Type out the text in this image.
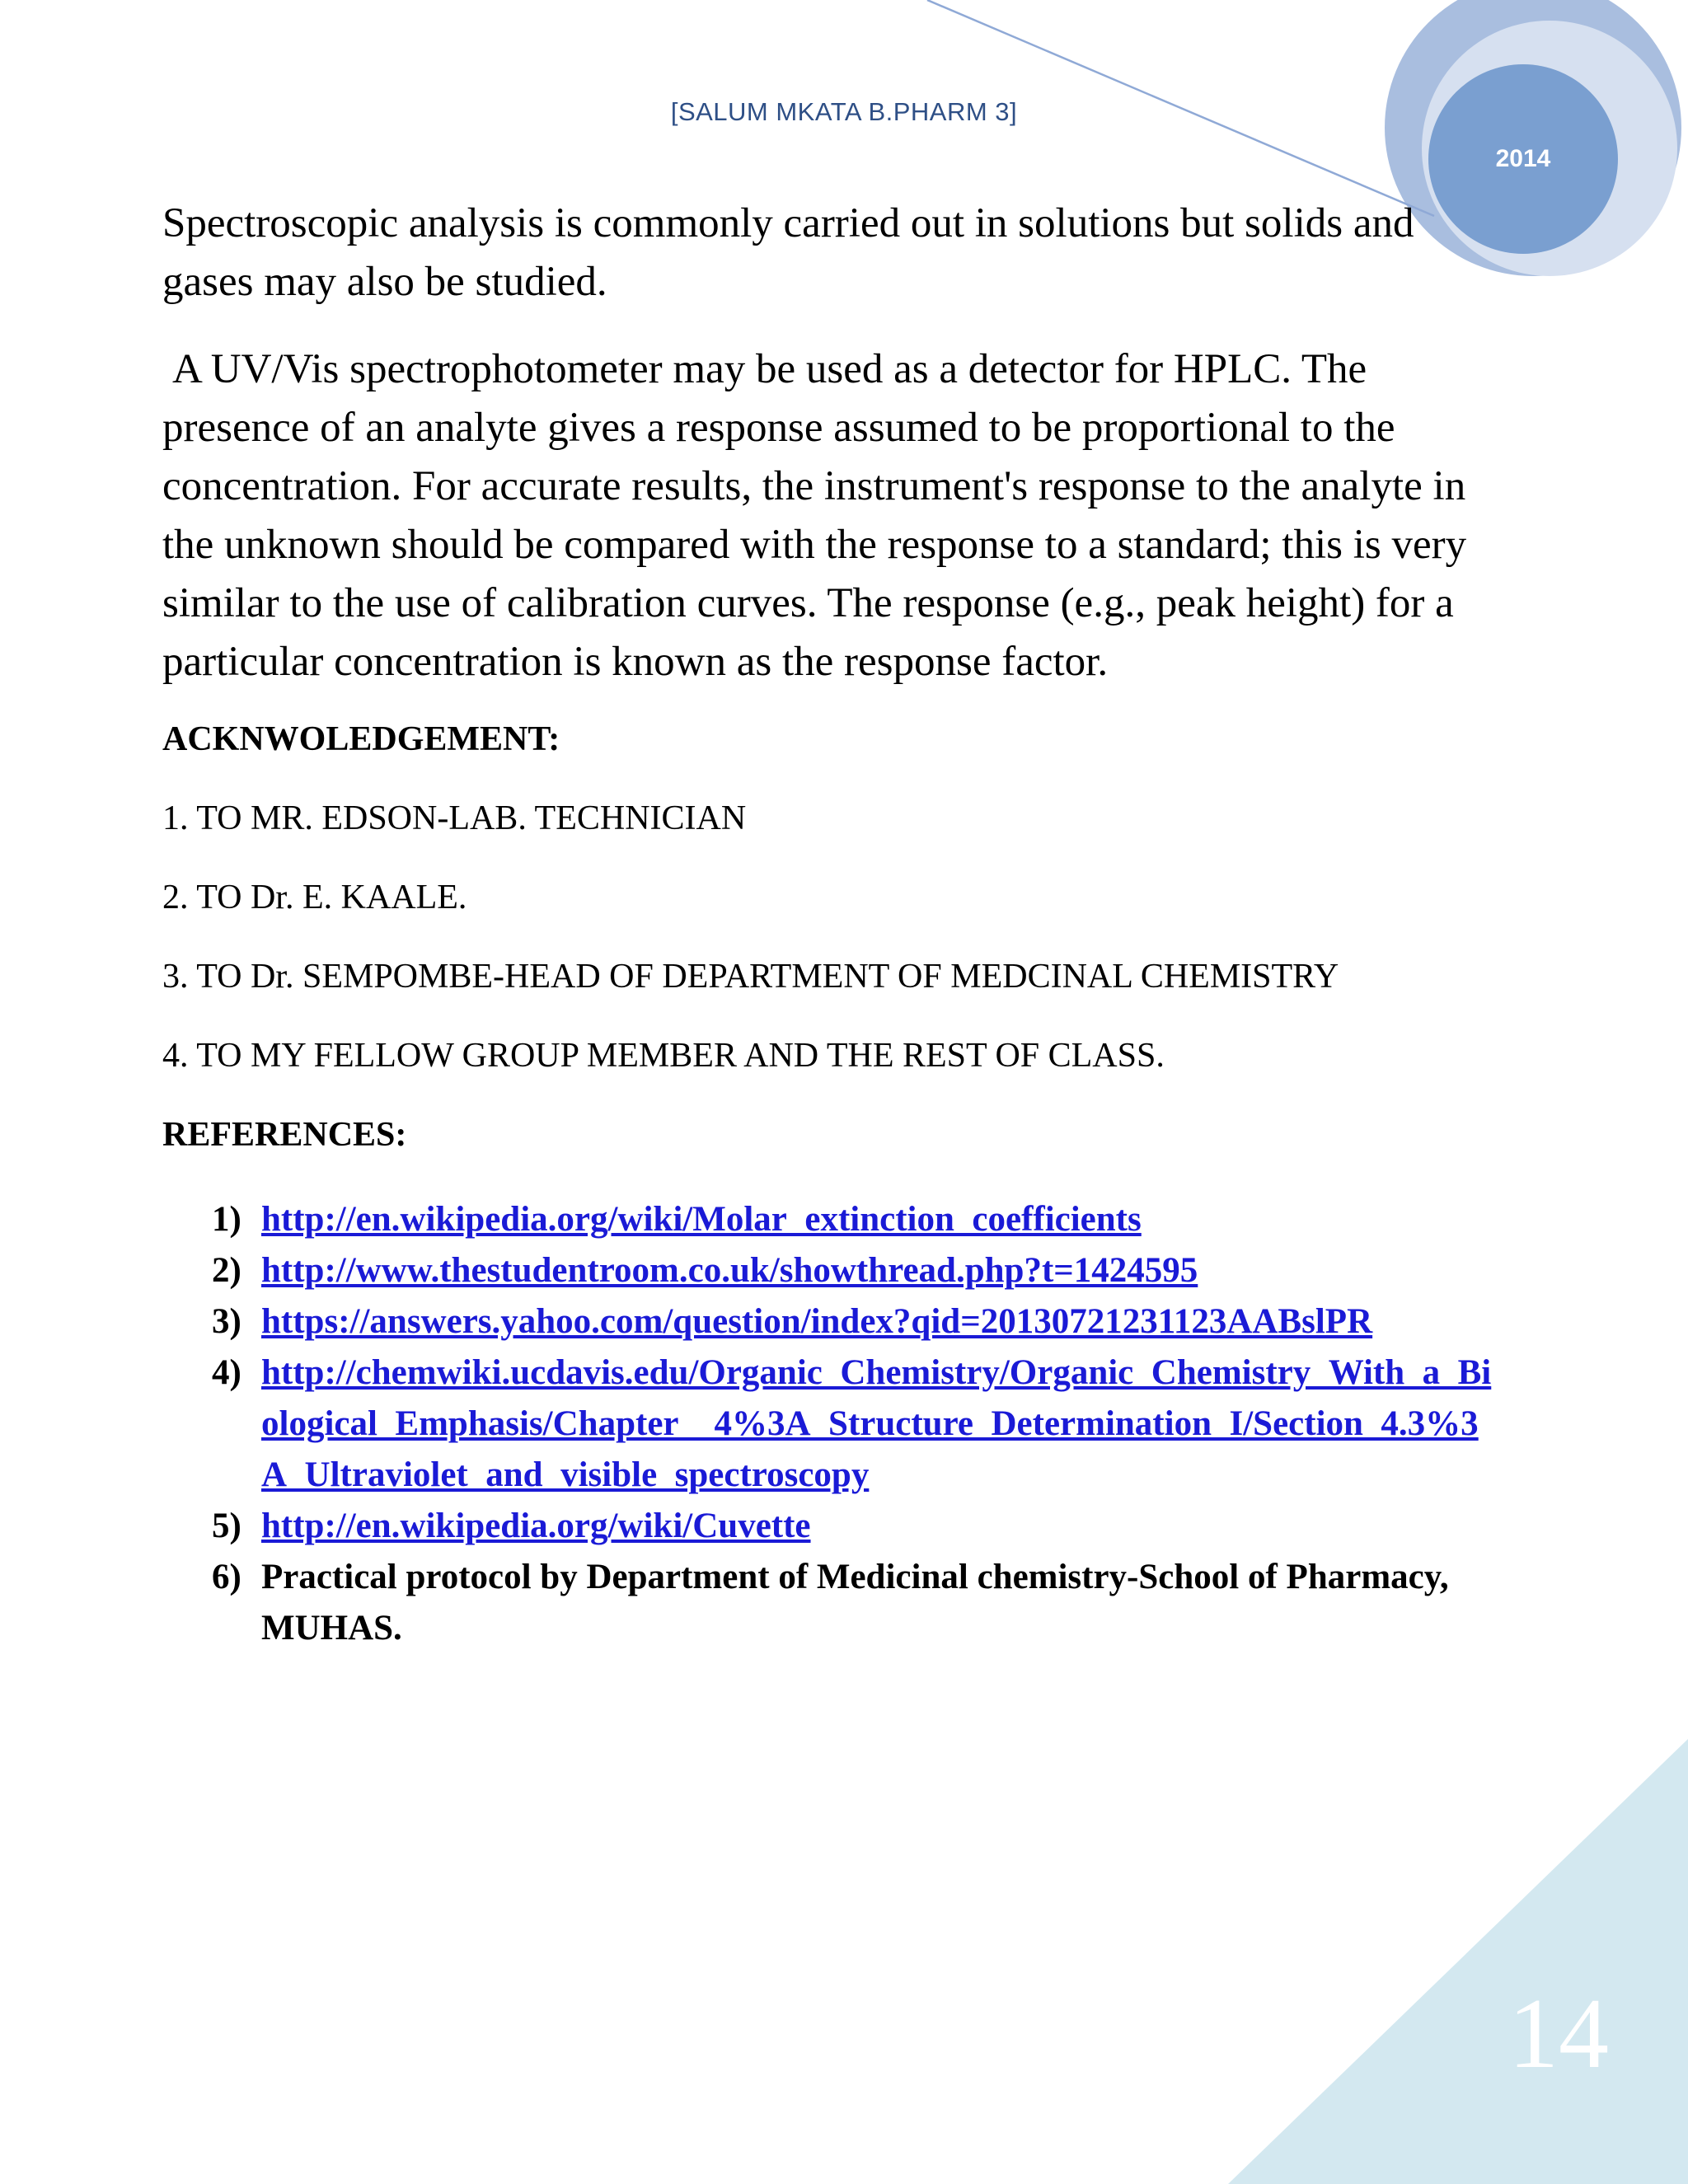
[SALUM MKATA B.PHARM 3]
2014

Spectroscopic analysis is commonly carried out in solutions but solids and gases may also be studied.

A UV/Vis spectrophotometer may be used as a detector for HPLC. The presence of an analyte gives a response assumed to be proportional to the concentration. For accurate results, the instrument's response to the analyte in the unknown should be compared with the response to a standard; this is very similar to the use of calibration curves. The response (e.g., peak height) for a particular concentration is known as the response factor.

ACKNWOLEDGEMENT:

1. TO MR. EDSON-LAB. TECHNICIAN

2. TO Dr. E. KAALE.

3. TO Dr. SEMPOMBE-HEAD OF DEPARTMENT OF MEDCINAL CHEMISTRY

4. TO MY FELLOW GROUP MEMBER AND THE REST OF CLASS.

REFERENCES:

1) http://en.wikipedia.org/wiki/Molar_extinction_coefficients
2) http://www.thestudentroom.co.uk/showthread.php?t=1424595
3) https://answers.yahoo.com/question/index?qid=20130721231123AABslPR
4) http://chemwiki.ucdavis.edu/Organic_Chemistry/Organic_Chemistry_With_a_Biological_Emphasis/Chapter__4%3A_Structure_Determination_I/Section_4.3%3A_Ultraviolet_and_visible_spectroscopy
5) http://en.wikipedia.org/wiki/Cuvette
6) Practical protocol by Department of Medicinal chemistry-School of Pharmacy, MUHAS.
14
